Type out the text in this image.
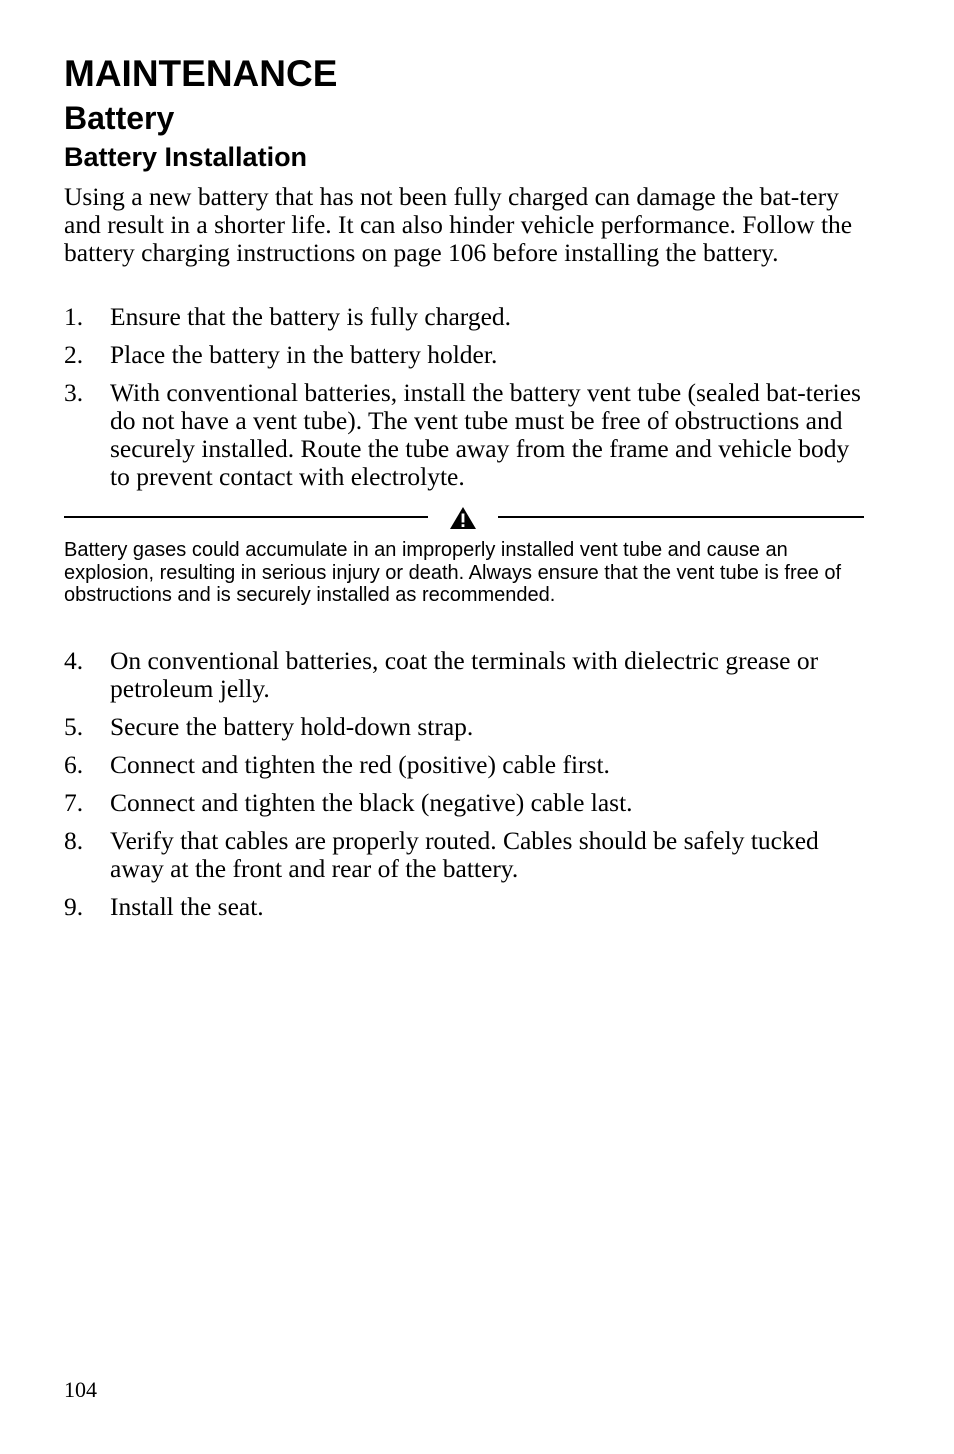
MAINTENANCE
Battery
Battery Installation

Using a new battery that has not been fully charged can damage the bat-tery and result in a shorter life. It can also hinder vehicle performance. Follow the battery charging instructions on page 106 before installing the battery.

1. Ensure that the battery is fully charged.
2. Place the battery in the battery holder.
3. With conventional batteries, install the battery vent tube (sealed bat-teries do not have a vent tube). The vent tube must be free of obstructions and securely installed. Route the tube away from the frame and vehicle body to prevent contact with electrolyte.

Battery gases could accumulate in an improperly installed vent tube and cause an explosion, resulting in serious injury or death. Always ensure that the vent tube is free of obstructions and is securely installed as recommended.

4. On conventional batteries, coat the terminals with dielectric grease or petroleum jelly.
5. Secure the battery hold-down strap.
6. Connect and tighten the red (positive) cable first.
7. Connect and tighten the black (negative) cable last.
8. Verify that cables are properly routed. Cables should be safely tucked away at the front and rear of the battery.
9. Install the seat.
104
